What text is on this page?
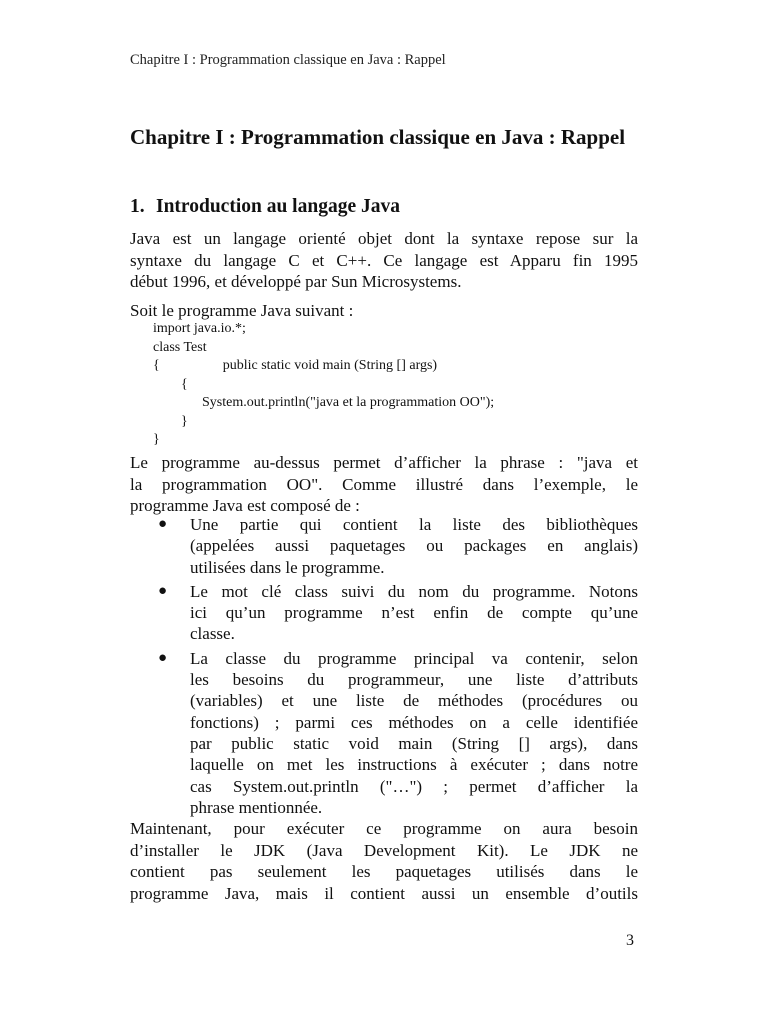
Chapitre I : Programmation classique en Java : Rappel
Chapitre I : Programmation classique en Java : Rappel
1. Introduction au langage Java

Java est un langage orienté objet dont la syntaxe repose sur la
syntaxe du langage C et C++. Ce langage est Apparu fin 1995
début 1996, et développé par Sun Microsystems.

Soit le programme Java suivant :

import java.io.*;
class Test
{                  public static void main (String [] args)
{
System.out.println("java et la programmation OO");
}
}

Le programme au-dessus permet d’afficher la phrase : "java et
la programmation OO". Comme illustré dans l’exemple, le
programme Java est composé de :

● Une partie qui contient la liste des bibliothèques
(appelées aussi paquetages ou packages en anglais)
utilisées dans le programme.
● Le mot clé class suivi du nom du programme. Notons
ici qu’un programme n’est enfin de compte qu’une
classe.
● La classe du programme principal va contenir, selon
les besoins du programmeur, une liste d’attributs
(variables) et une liste de méthodes (procédures ou
fonctions) ; parmi ces méthodes on a celle identifiée
par public static void main (String [] args), dans
laquelle on met les instructions à exécuter ; dans notre
cas System.out.println ("…") ; permet d’afficher la
phrase mentionnée.

Maintenant, pour exécuter ce programme on aura besoin
d’installer le JDK (Java Development Kit). Le JDK ne
contient pas seulement les paquetages utilisés dans le
programme Java, mais il contient aussi un ensemble d’outils

3
